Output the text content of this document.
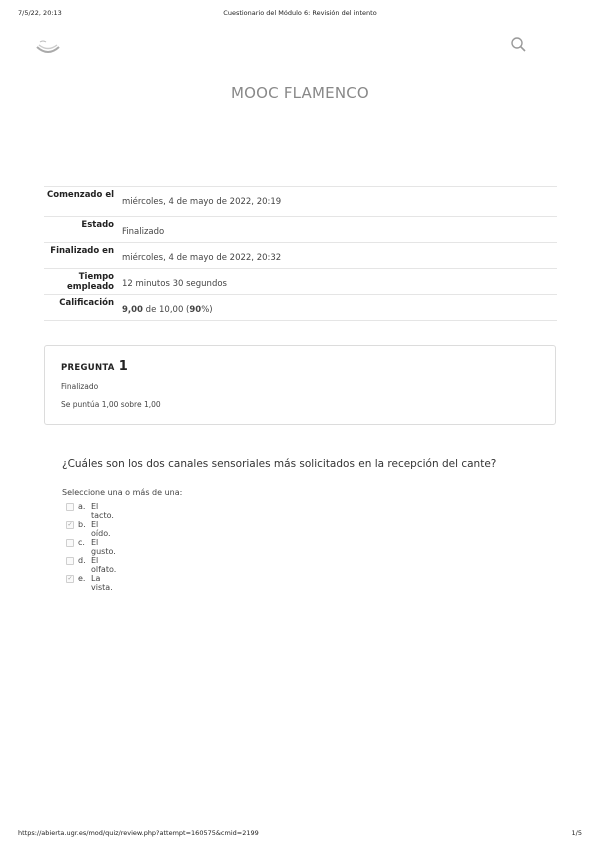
7/5/22, 20:13	Cuestionario del Módulo 6: Revisión del intento
MOOC FLAMENCO
Comenzado el	miércoles, 4 de mayo de 2022, 20:19
Estado	Finalizado
Finalizado en	miércoles, 4 de mayo de 2022, 20:32
Tiempo empleado	12 minutos 30 segundos
Calificación	9,00 de 10,00 (90%)
PREGUNTA 1
Finalizado
Se puntúa 1,00 sobre 1,00
¿Cuáles son los dos canales sensoriales más solicitados en la recepción del cante?
Seleccione una o más de una:
a. El tacto.
✓ b. El oído.
c. El gusto.
d. El olfato.
✓ e. La vista.
https://abierta.ugr.es/mod/quiz/review.php?attempt=160575&cmid=2199	1/5
